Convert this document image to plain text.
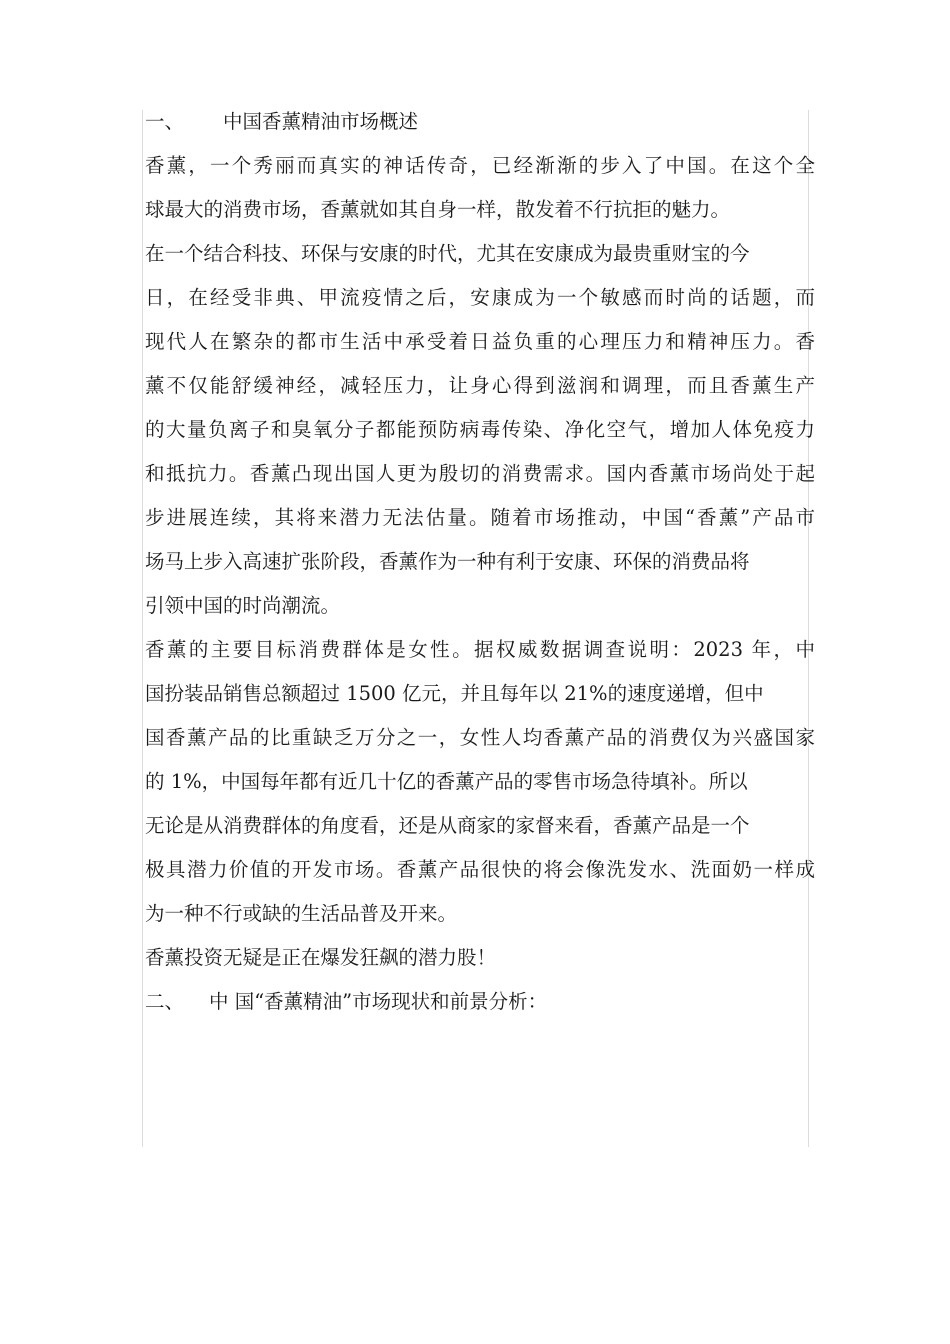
一、 中国香薰精油市场概述
香薰，一个秀丽而真实的神话传奇，已经渐渐的步入了中国。在这个全
球最大的消费市场，香薰就如其自身一样，散发着不行抗拒的魅力。
在一个结合科技、环保与安康的时代，尤其在安康成为最贵重财宝的今
日，在经受非典、甲流疫情之后，安康成为一个敏感而时尚的话题，而
现代人在繁杂的都市生活中承受着日益负重的心理压力和精神压力。香
薰不仅能舒缓神经，减轻压力，让身心得到滋润和调理，而且香薰生产
的大量负离子和臭氧分子都能预防病毒传染、净化空气，增加人体免疫力
和抵抗力。香薰凸现出国人更为殷切的消费需求。国内香薰市场尚处于起
步进展连续，其将来潜力无法估量。随着市场推动，中国“香薰”产品市
场马上步入高速扩张阶段，香薰作为一种有利于安康、环保的消费品将
引领中国的时尚潮流。
香薰的主要目标消费群体是女性。据权威数据调查说明：2023 年，中
国扮装品销售总额超过 1500 亿元，并且每年以 21%的速度递增，但中
国香薰产品的比重缺乏万分之一，女性人均香薰产品的消费仅为兴盛国家
的 1%，中国每年都有近几十亿的香薰产品的零售市场急待填补。所以
无论是从消费群体的角度看，还是从商家的家督来看，香薰产品是一个
极具潜力价值的开发市场。香薰产品很快的将会像洗发水、洗面奶一样成
为一种不行或缺的生活品普及开来。
香薰投资无疑是正在爆发狂飙的潜力股！
二、 中 国“香薰精油”市场现状和前景分析：
